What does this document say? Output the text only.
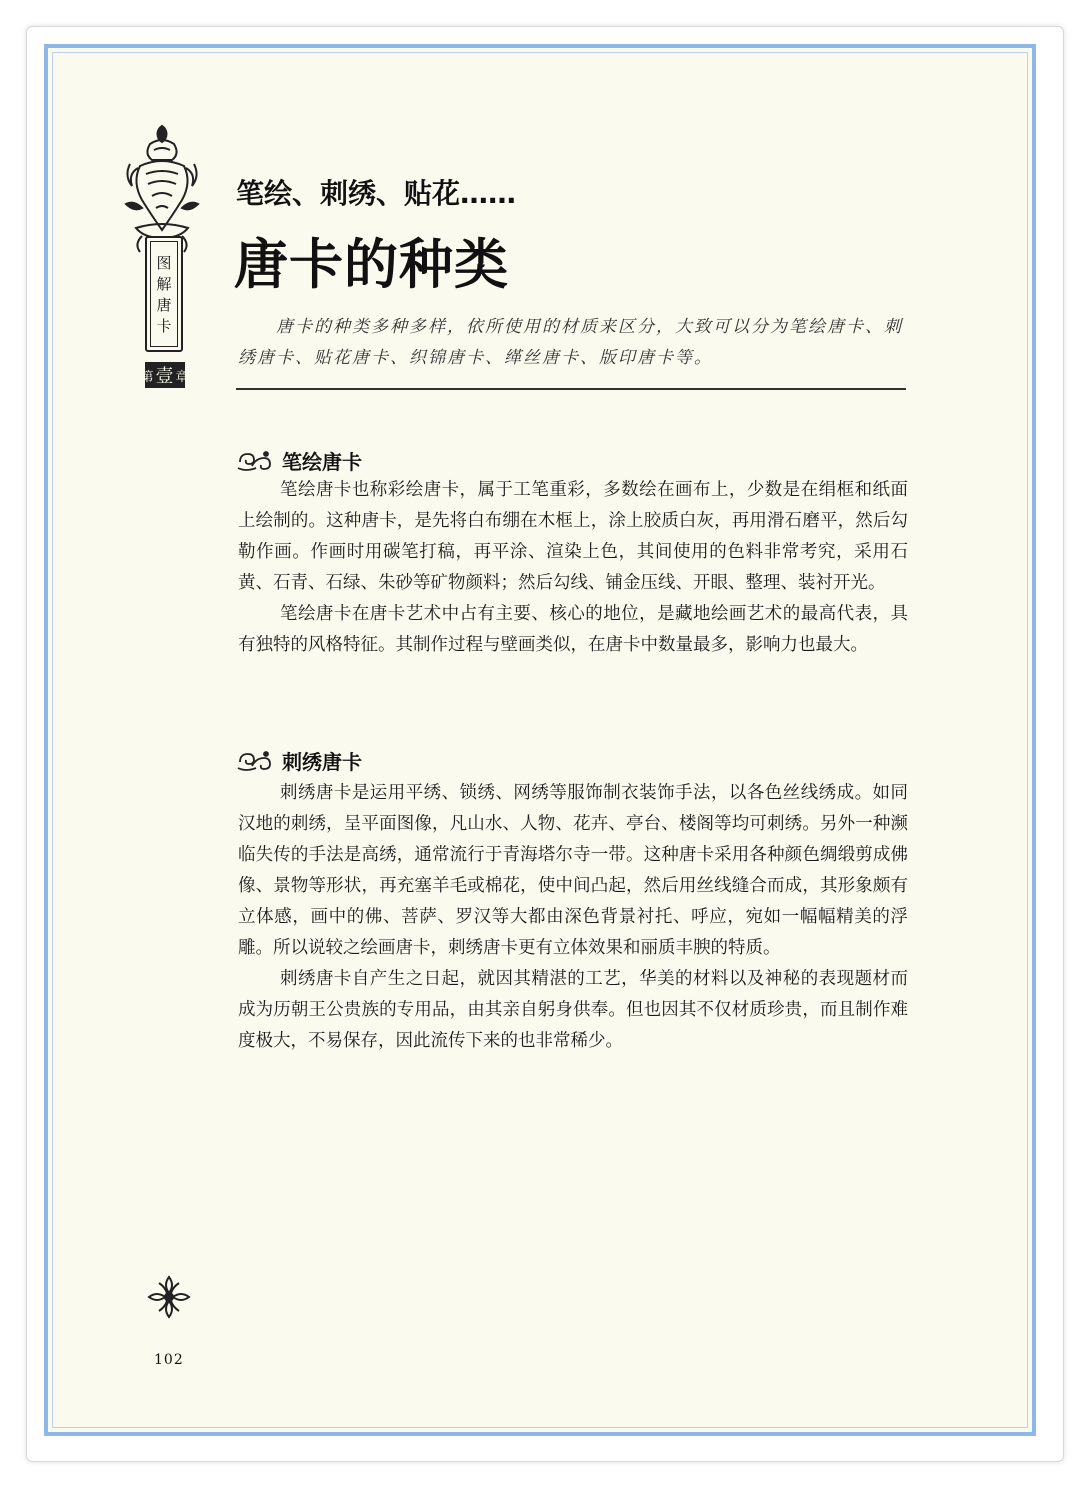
图
解
唐
卡
第 壹 章
笔绘、刺绣、贴花……
唐卡的种类
唐卡的种类多种多样，依所使用的材质来区分，大致可以分为笔绘唐卡、刺绣唐卡、贴花唐卡、织锦唐卡、缂丝唐卡、版印唐卡等。
笔绘唐卡

笔绘唐卡也称彩绘唐卡，属于工笔重彩，多数绘在画布上，少数是在绢框和纸面上绘制的。这种唐卡，是先将白布绷在木框上，涂上胶质白灰，再用滑石磨平，然后勾勒作画。作画时用碳笔打稿，再平涂、渲染上色，其间使用的色料非常考究，采用石黄、石青、石绿、朱砂等矿物颜料；然后勾线、铺金压线、开眼、整理、装衬开光。

笔绘唐卡在唐卡艺术中占有主要、核心的地位，是藏地绘画艺术的最高代表，具有独特的风格特征。其制作过程与壁画类似，在唐卡中数量最多，影响力也最大。

刺绣唐卡

刺绣唐卡是运用平绣、锁绣、网绣等服饰制衣装饰手法，以各色丝线绣成。如同汉地的刺绣，呈平面图像，凡山水、人物、花卉、亭台、楼阁等均可刺绣。另外一种濒临失传的手法是高绣，通常流行于青海塔尔寺一带。这种唐卡采用各种颜色绸缎剪成佛像、景物等形状，再充塞羊毛或棉花，使中间凸起，然后用丝线缝合而成，其形象颇有立体感，画中的佛、菩萨、罗汉等大都由深色背景衬托、呼应，宛如一幅幅精美的浮雕。所以说较之绘画唐卡，刺绣唐卡更有立体效果和丽质丰腴的特质。

刺绣唐卡自产生之日起，就因其精湛的工艺，华美的材料以及神秘的表现题材而成为历朝王公贵族的专用品，由其亲自躬身供奉。但也因其不仅材质珍贵，而且制作难度极大，不易保存，因此流传下来的也非常稀少。

102
